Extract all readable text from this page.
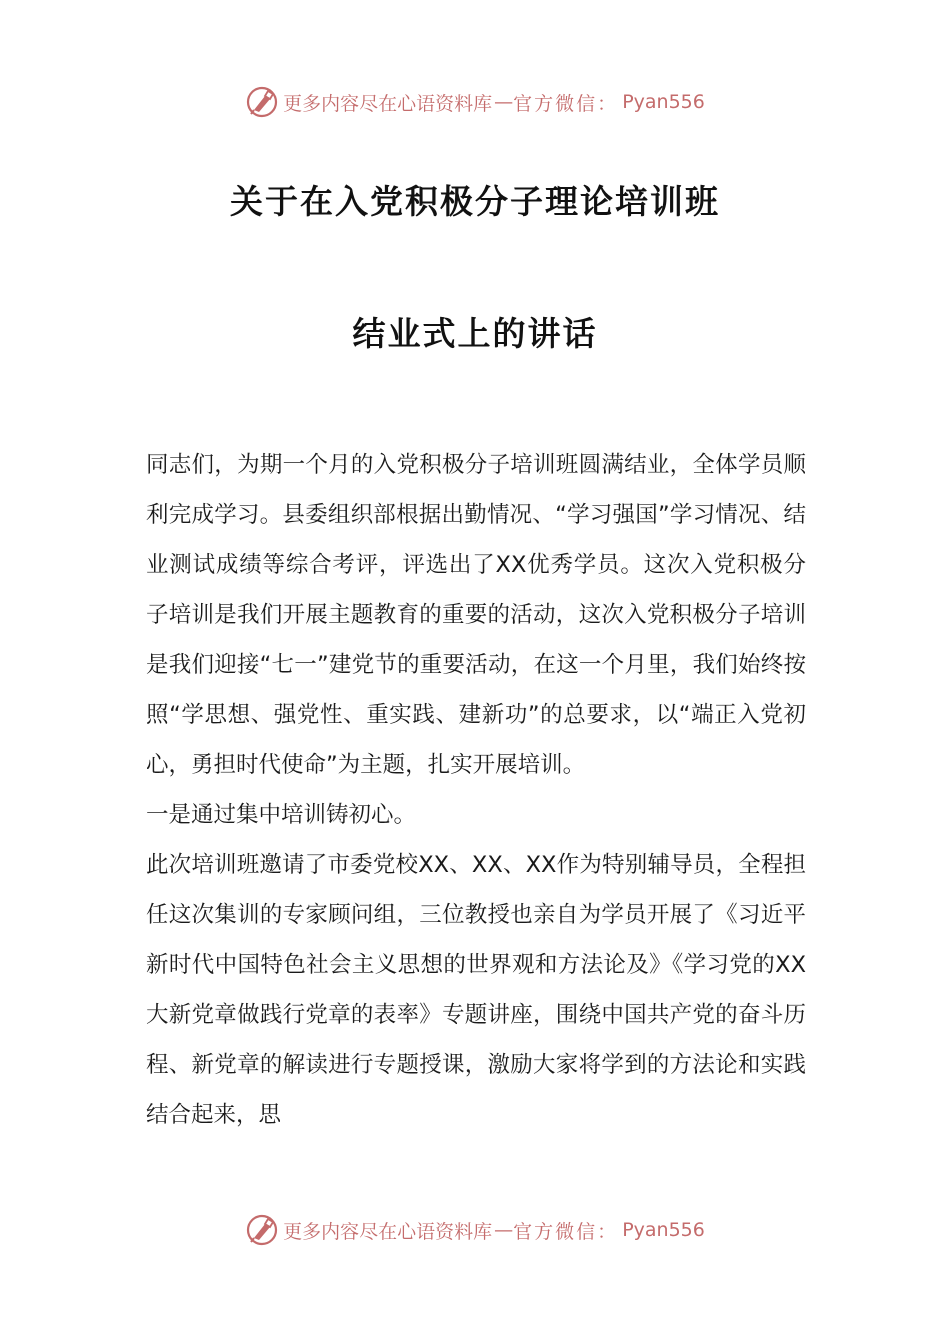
更多内容尽在心语资料库 — 官方微信： Pyan556
关于在入党积极分子理论培训班
结业式上的讲话

同志们，为期一个月的入党积极分子培训班圆满结业，全体学员顺利完成学习。县委组织部根据出勤情况、“学习强国”学习情况、结业测试成绩等综合考评，评选出了XX优秀学员。这次入党积极分子培训是我们开展主题教育的重要的活动，这次入党积极分子培训是我们迎接“七一”建党节的重要活动，在这一个月里，我们始终按照“学思想、强党性、重实践、建新功”的总要求，以“端正入党初心，勇担时代使命”为主题，扎实开展培训。

一是通过集中培训铸初心。

此次培训班邀请了市委党校XX、XX、XX作为特别辅导员，全程担任这次集训的专家顾问组，三位教授也亲自为学员开展了《习近平新时代中国特色社会主义思想的世界观和方法论及》《学习党的XX大新党章做践行党章的表率》专题讲座，围绕中国共产党的奋斗历程、新党章的解读进行专题授课，激励大家将学到的方法论和实践结合起来，思

更多内容尽在心语资料库 — 官方微信： Pyan556
